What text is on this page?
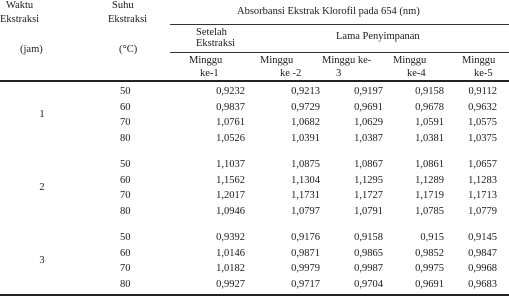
Waktu
Ekstraksi
(jam)
Suhu
Ekstraksi
(°C)
Absorbansi Ekstrak Klorofil pada 654 (nm)
Setelah
Ekstraksi
Lama Penyimpanan
Minggu
ke-1
Minggu
ke -2
Minggu ke-
3
Minggu
ke-4
Minggu
ke-5
1
50	0,9232	0,9213	0,9197	0,9158 0,9112
60	0,9837	0,9729	0,9691	0,9678 0,9632
70	1,0761	1,0682	1,0629	1,0591 1,0575
80	1,0526	1,0391	1,0387	1,0381 1,0375
2
50	1,1037	1,0875	1,0867	1,0861 1,0657
60	1,1562	1,1304	1,1295	1,1289 1,1283
70	1,2017	1,1731	1,1727	1,1719 1,1713
80	1,0946	1,0797	1,0791	1,0785 1,0779
3
50	0,9392	0,9176	0,9158	0,915 0,9145
60	1,0146	0,9871	0,9865	0,9852 0,9847
70	1,0182	0,9979	0,9987	0,9975 0,9968
80	0,9927	0,9717	0,9704	0,9691 0,9683
